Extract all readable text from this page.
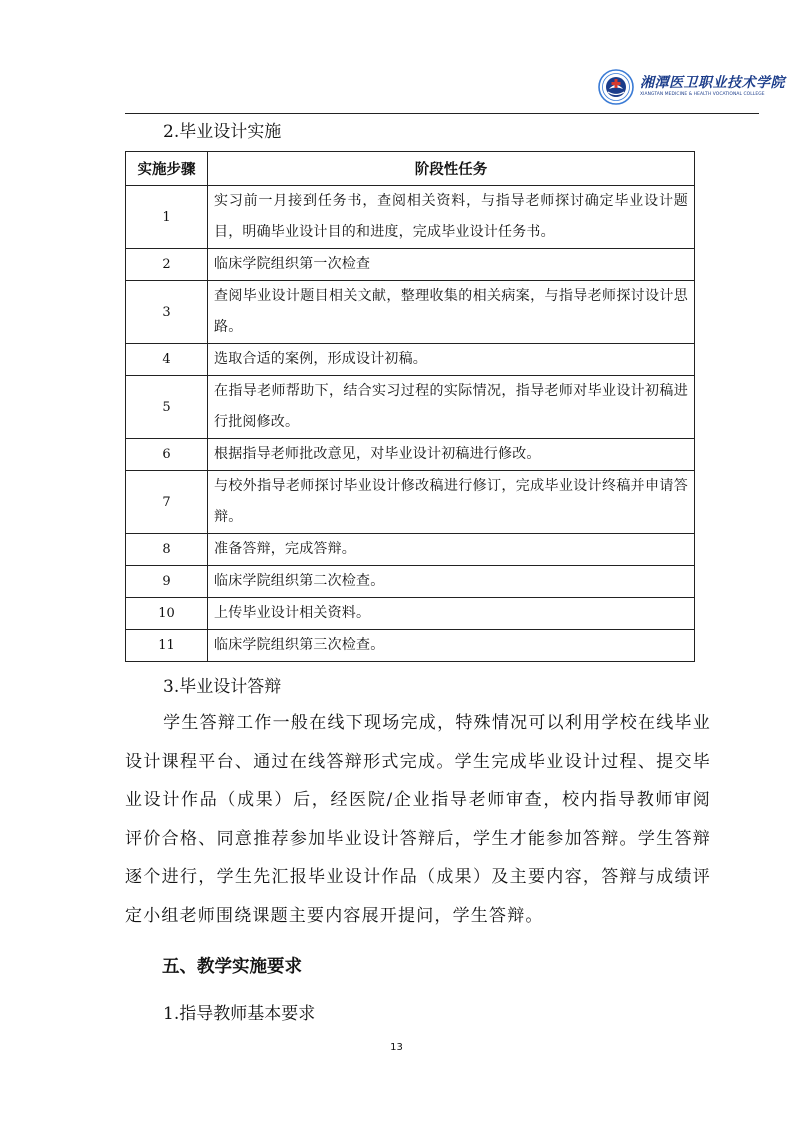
湘潭医卫职业技术学院
XIANGTAN MEDICINE & HEALTH VOCATIONAL COLLEGE
2.毕业设计实施
实施步骤	阶段性任务
1	实习前一月接到任务书，查阅相关资料，与指导老师探讨确定毕业设计题目，明确毕业设计目的和进度，完成毕业设计任务书。
2	临床学院组织第一次检查
3	查阅毕业设计题目相关文献，整理收集的相关病案，与指导老师探讨设计思路。
4	选取合适的案例，形成设计初稿。
5	在指导老师帮助下，结合实习过程的实际情况，指导老师对毕业设计初稿进行批阅修改。
6	根据指导老师批改意见，对毕业设计初稿进行修改。
7	与校外指导老师探讨毕业设计修改稿进行修订，完成毕业设计终稿并申请答辩。
8	准备答辩，完成答辩。
9	临床学院组织第二次检查。
10	上传毕业设计相关资料。
11	临床学院组织第三次检查。
3.毕业设计答辩
学生答辩工作一般在线下现场完成，特殊情况可以利用学校在线毕业设计课程平台、通过在线答辩形式完成。学生完成毕业设计过程、提交毕业设计作品（成果）后，经医院/企业指导老师审查，校内指导教师审阅评价合格、同意推荐参加毕业设计答辩后，学生才能参加答辩。学生答辩逐个进行，学生先汇报毕业设计作品（成果）及主要内容，答辩与成绩评定小组老师围绕课题主要内容展开提问，学生答辩。
五、教学实施要求
1.指导教师基本要求
13
